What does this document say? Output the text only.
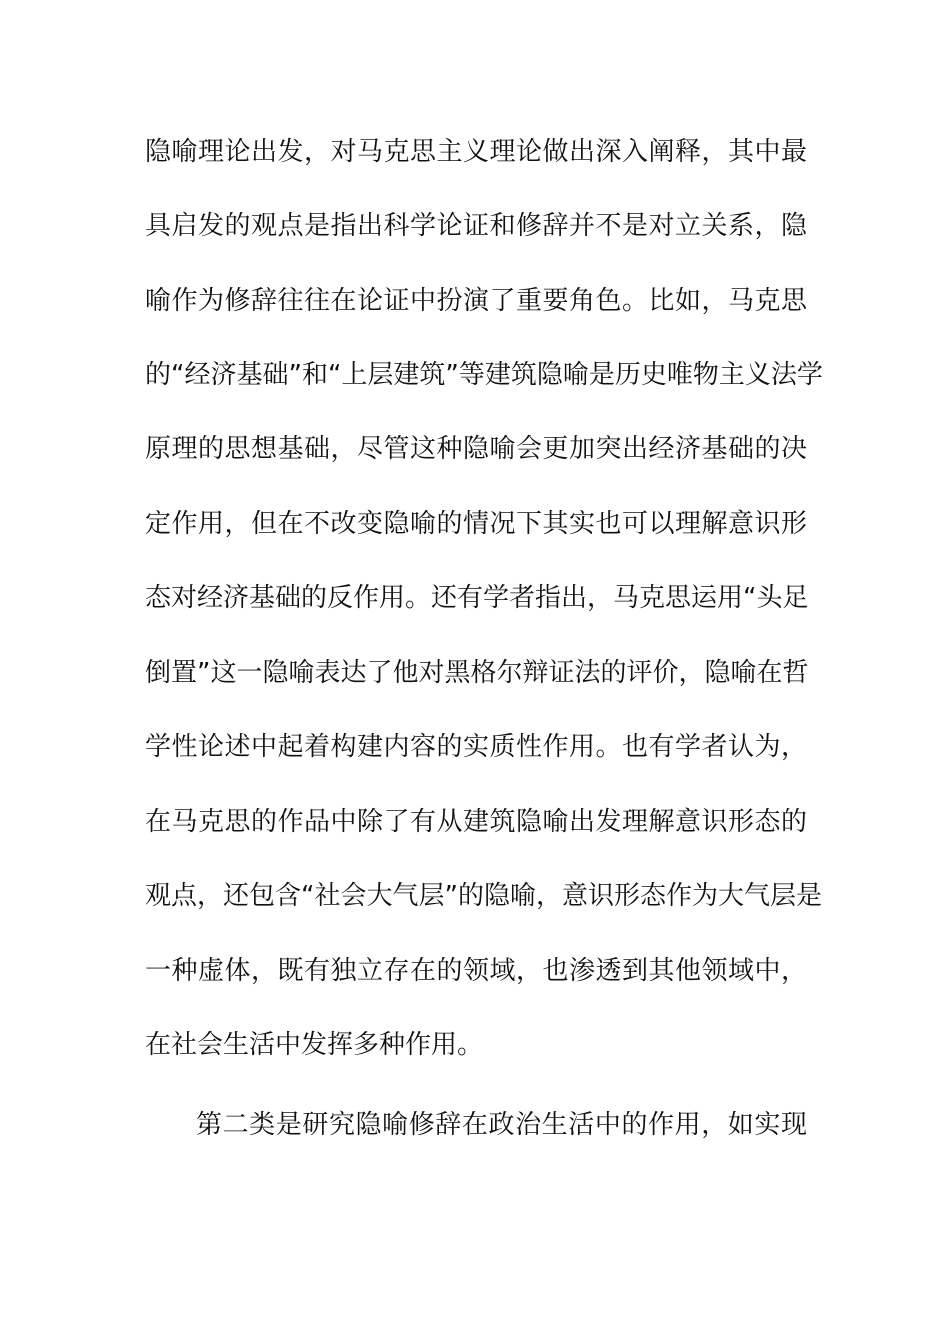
隐喻理论出发，对马克思主义理论做出深入阐释，其中最
具启发的观点是指出科学论证和修辞并不是对立关系，隐
喻作为修辞往往在论证中扮演了重要角色。比如，马克思
的“经济基础”和“上层建筑”等建筑隐喻是历史唯物主义法学
原理的思想基础，尽管这种隐喻会更加突出经济基础的决
定作用，但在不改变隐喻的情况下其实也可以理解意识形
态对经济基础的反作用。还有学者指出，马克思运用“头足
倒置”这一隐喻表达了他对黑格尔辩证法的评价，隐喻在哲
学性论述中起着构建内容的实质性作用。也有学者认为，
在马克思的作品中除了有从建筑隐喻出发理解意识形态的
观点，还包含“社会大气层”的隐喻，意识形态作为大气层是
一种虚体，既有独立存在的领域，也渗透到其他领域中，
在社会生活中发挥多种作用。
第二类是研究隐喻修辞在政治生活中的作用，如实现
